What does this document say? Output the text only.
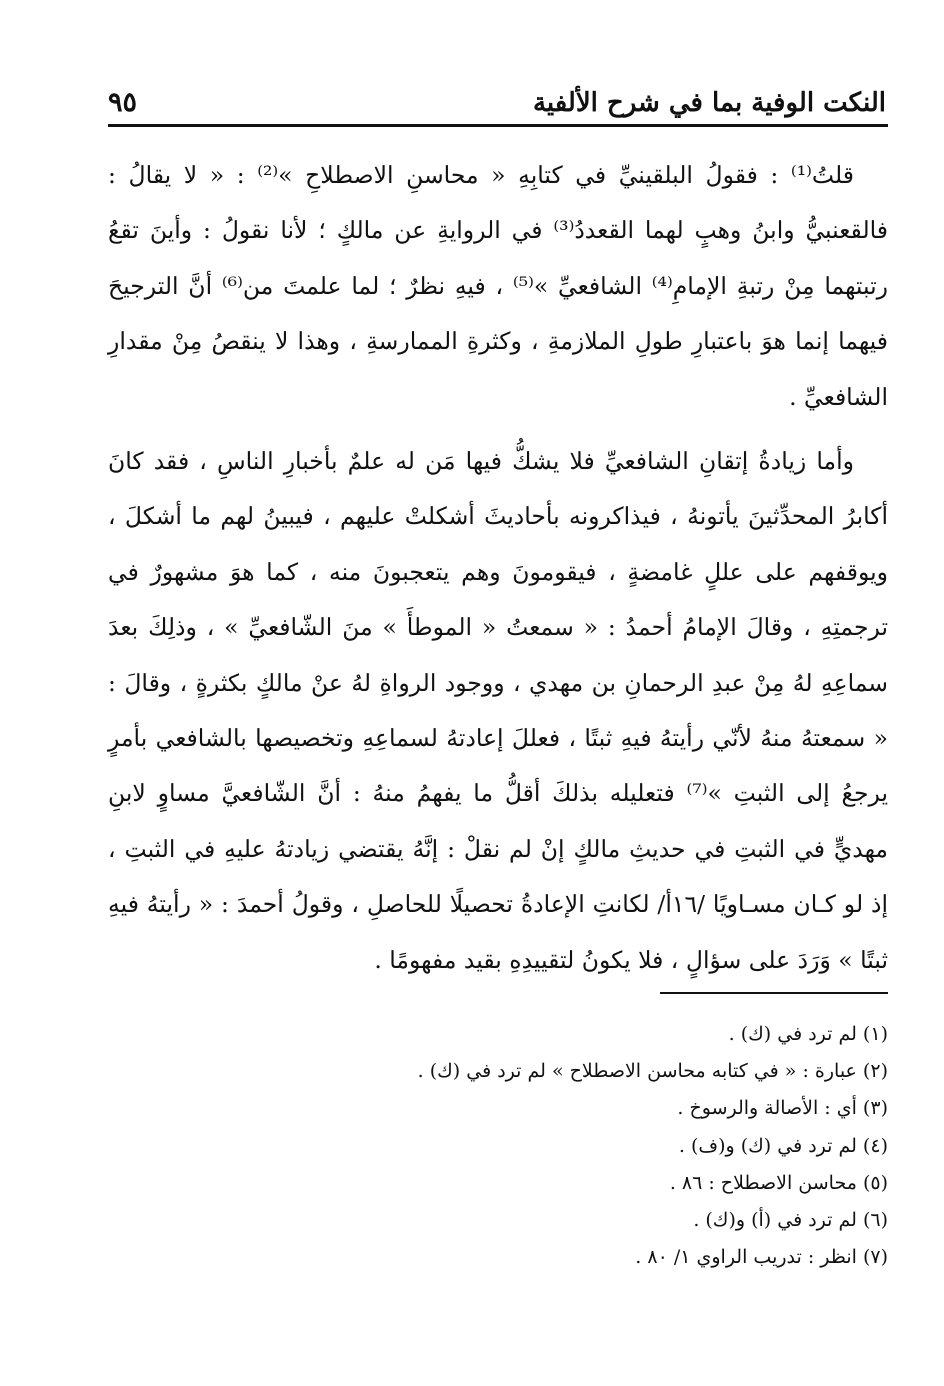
النكت الوفية بما في شرح الألفية
٩٥

قلتُ⁽¹⁾ : فقولُ البلقينيِّ في كتابِهِ « محاسنِ الاصطلاحِ »⁽²⁾ : « لا يقالُ : فالقعنبيُّ وابنُ وهبٍ لهما القعددُ⁽³⁾ في الروايةِ عن مالكٍ ؛ لأنا نقولُ : وأينَ تقعُ رتبتهما مِنْ رتبةِ الإمامِ⁽⁴⁾ الشافعيِّ »⁽⁵⁾ ، فيهِ نظرٌ ؛ لما علمتَ من⁽⁶⁾ أنَّ الترجيحَ فيهما إنما هوَ باعتبارِ طولِ الملازمةِ ، وكثرةِ الممارسةِ ، وهذا لا ينقصُ مِنْ مقدارِ الشافعيِّ .

وأما زيادةُ إتقانِ الشافعيِّ فلا يشكُّ فيها مَن له علمٌ بأخبارِ الناسِ ، فقد كانَ أكابرُ المحدِّثينَ يأتونهُ ، فيذاكرونه بأحاديثَ أشكلتْ عليهم ، فيبينُ لهم ما أشكلَ ، ويوقفهم على عللٍ غامضةٍ ، فيقومونَ وهم يتعجبونَ منه ، كما هوَ مشهورٌ في ترجمتِهِ ، وقالَ الإمامُ أحمدُ : « سمعتُ « الموطأَ » منَ الشّافعيِّ » ، وذلِكَ بعدَ سماعِهِ لهُ مِنْ عبدِ الرحمانِ بن مهدي ، ووجود الرواةِ لهُ عنْ مالكٍ بكثرةٍ ، وقالَ : « سمعتهُ منهُ لأنّي رأيتهُ فيهِ ثبتًا ، فعللَ إعادتهُ لسماعِهِ وتخصيصها بالشافعي بأمرٍ يرجعُ إلى الثبتِ »⁽⁷⁾ فتعليله بذلكَ أقلُّ ما يفهمُ منهُ : أنَّ الشّافعيَّ مساوٍ لابنِ مهديٍّ في الثبتِ في حديثِ مالكٍ إنْ لم نقلْ : إنَّهُ يقتضي زيادتهُ عليهِ في الثبتِ ، إذ لو كـان مسـاويًا /١٦أ/ لكانتِ الإعادةُ تحصيلًا للحاصلِ ، وقولُ أحمدَ : « رأيتهُ فيهِ ثبتًا » وَرَدَ على سؤالٍ ، فلا يكونُ لتقييدِهِ بقيد مفهومًا .

(١) لم ترد في (ك) .
(٢) عبارة : « في كتابه محاسن الاصطلاح » لم ترد في (ك) .
(٣) أي : الأصالة والرسوخ .
(٤) لم ترد في (ك) و(ف) .
(٥) محاسن الاصطلاح : ٨٦ .
(٦) لم ترد في (أ) و(ك) .
(٧) انظر : تدريب الراوي ١/ ٨٠ .
